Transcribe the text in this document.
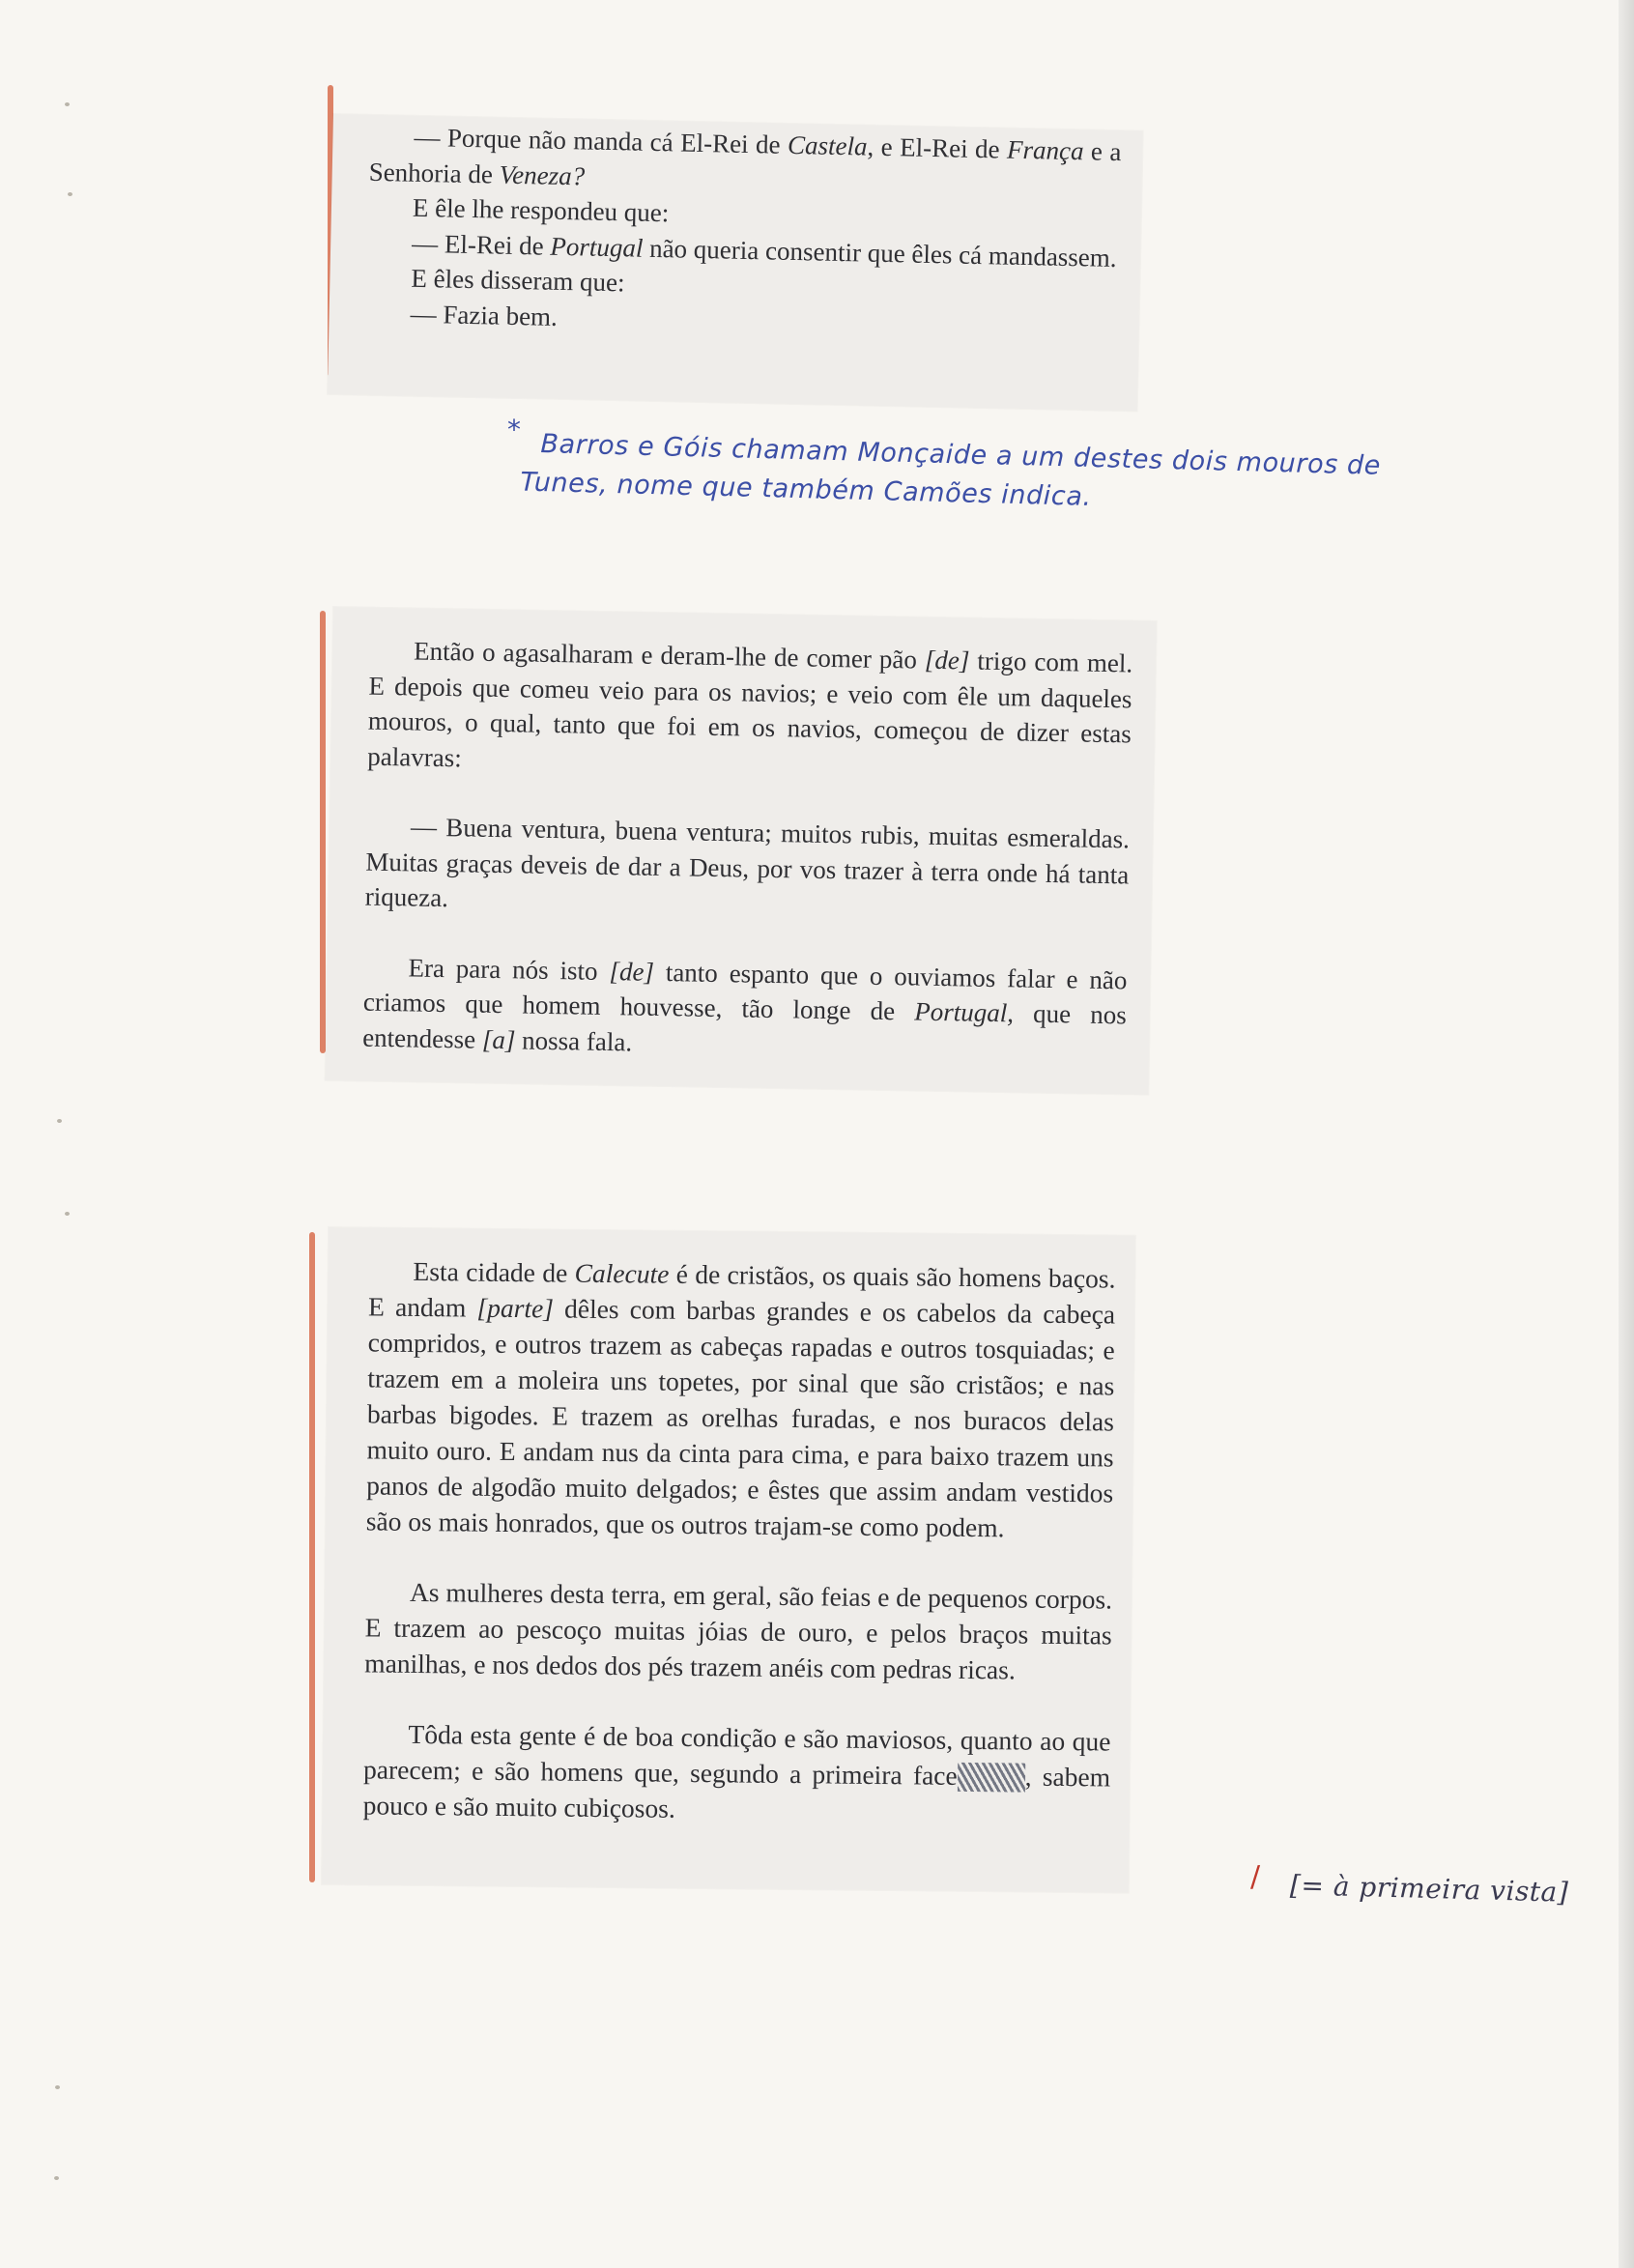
— Porque não manda cá El-Rei de Castela, e El-Rei de França e a Senhoria de Veneza?

E êle lhe respondeu que:

— El-Rei de Portugal não queria consentir que êles cá mandassem.

E êles disseram que:

— Fazia bem.

* Barros e Góis chamam Monçaide a um destes dois mouros de
Tunes, nome que também Camões indica.

Então o agasalharam e deram-lhe de comer pão [de] trigo com mel. E depois que comeu veio para os navios; e veio com êle um daqueles mouros, o qual, tanto que foi em os navios, começou de dizer estas palavras:

— Buena ventura, buena ventura; muitos rubis, muitas esmeraldas. Muitas graças deveis de dar a Deus, por vos trazer à terra onde há tanta riqueza.

Era para nós isto [de] tanto espanto que o ouviamos falar e não criamos que homem houvesse, tão longe de Portugal, que nos entendesse [a] nossa fala.

Esta cidade de Calecute é de cristãos, os quais são homens baços. E andam [parte] dêles com barbas grandes e os cabelos da cabeça compridos, e outros trazem as cabeças rapadas e outros tosquiadas; e trazem em a moleira uns topetes, por sinal que são cristãos; e nas barbas bigodes. E trazem as orelhas furadas, e nos buracos delas muito ouro. E andam nus da cinta para cima, e para baixo trazem uns panos de algodão muito delgados; e êstes que assim andam vestidos são os mais honrados, que os outros trajam-se como podem.

As mulheres desta terra, em geral, são feias e de pequenos corpos. E trazem ao pescoço muitas jóias de ouro, e pelos braços muitas manilhas, e nos dedos dos pés trazem anéis com pedras ricas.

Tôda esta gente é de boa condição e são maviosos, quanto ao que parecem; e são homens que, segundo a primeira face	, sabem pouco e são muito cubiçosos.

∕ [= à primeira vista]
